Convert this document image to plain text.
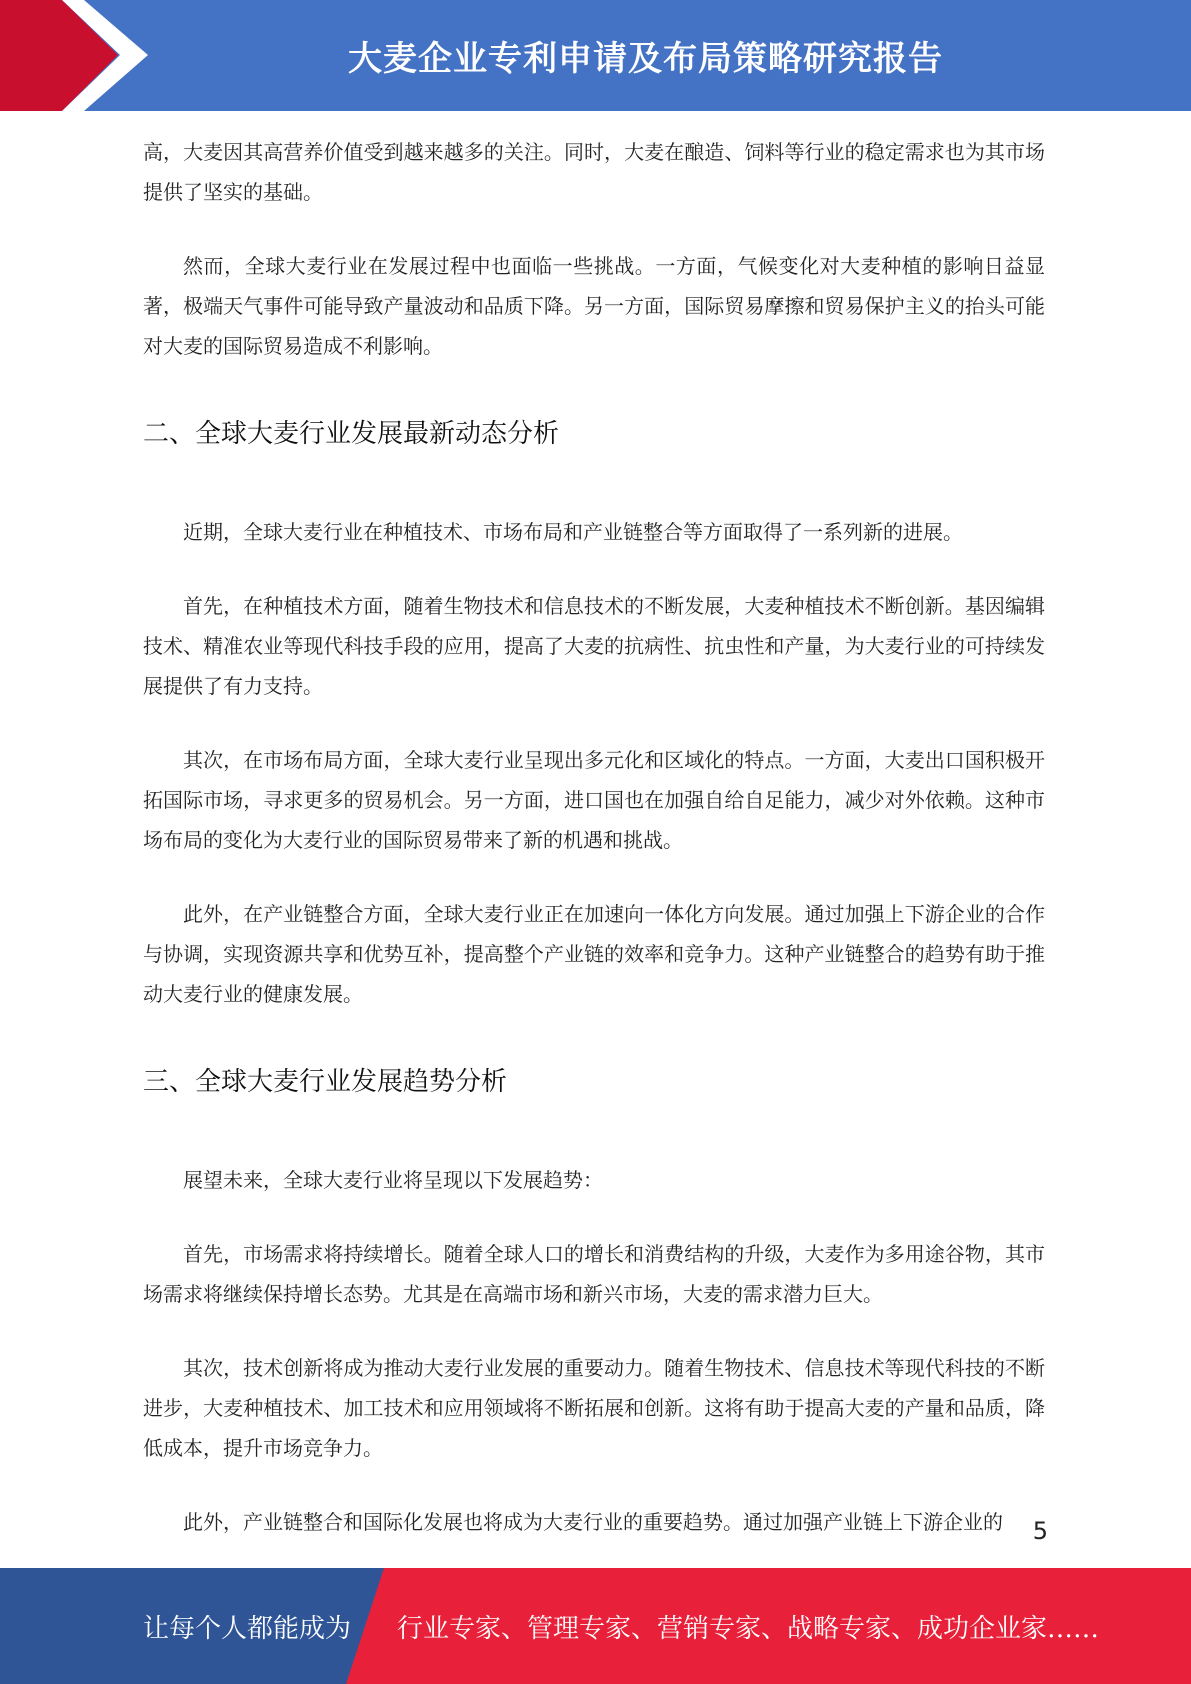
大麦企业专利申请及布局策略研究报告

高，大麦因其高营养价值受到越来越多的关注。同时，大麦在酿造、饲料等行业的稳定需求也为其市场提供了坚实的基础。

然而，全球大麦行业在发展过程中也面临一些挑战。一方面，气候变化对大麦种植的影响日益显著，极端天气事件可能导致产量波动和品质下降。另一方面，国际贸易摩擦和贸易保护主义的抬头可能对大麦的国际贸易造成不利影响。

二、全球大麦行业发展最新动态分析

近期，全球大麦行业在种植技术、市场布局和产业链整合等方面取得了一系列新的进展。

首先，在种植技术方面，随着生物技术和信息技术的不断发展，大麦种植技术不断创新。基因编辑技术、精准农业等现代科技手段的应用，提高了大麦的抗病性、抗虫性和产量，为大麦行业的可持续发展提供了有力支持。

其次，在市场布局方面，全球大麦行业呈现出多元化和区域化的特点。一方面，大麦出口国积极开拓国际市场，寻求更多的贸易机会。另一方面，进口国也在加强自给自足能力，减少对外依赖。这种市场布局的变化为大麦行业的国际贸易带来了新的机遇和挑战。

此外，在产业链整合方面，全球大麦行业正在加速向一体化方向发展。通过加强上下游企业的合作与协调，实现资源共享和优势互补，提高整个产业链的效率和竞争力。这种产业链整合的趋势有助于推动大麦行业的健康发展。

三、全球大麦行业发展趋势分析

展望未来，全球大麦行业将呈现以下发展趋势：

首先，市场需求将持续增长。随着全球人口的增长和消费结构的升级，大麦作为多用途谷物，其市场需求将继续保持增长态势。尤其是在高端市场和新兴市场，大麦的需求潜力巨大。

其次，技术创新将成为推动大麦行业发展的重要动力。随着生物技术、信息技术等现代科技的不断进步，大麦种植技术、加工技术和应用领域将不断拓展和创新。这将有助于提高大麦的产量和品质，降低成本，提升市场竞争力。

此外，产业链整合和国际化发展也将成为大麦行业的重要趋势。通过加强产业链上下游企业的	5
让每个人都能成为 行业专家、管理专家、营销专家、战略专家、成功企业家……
